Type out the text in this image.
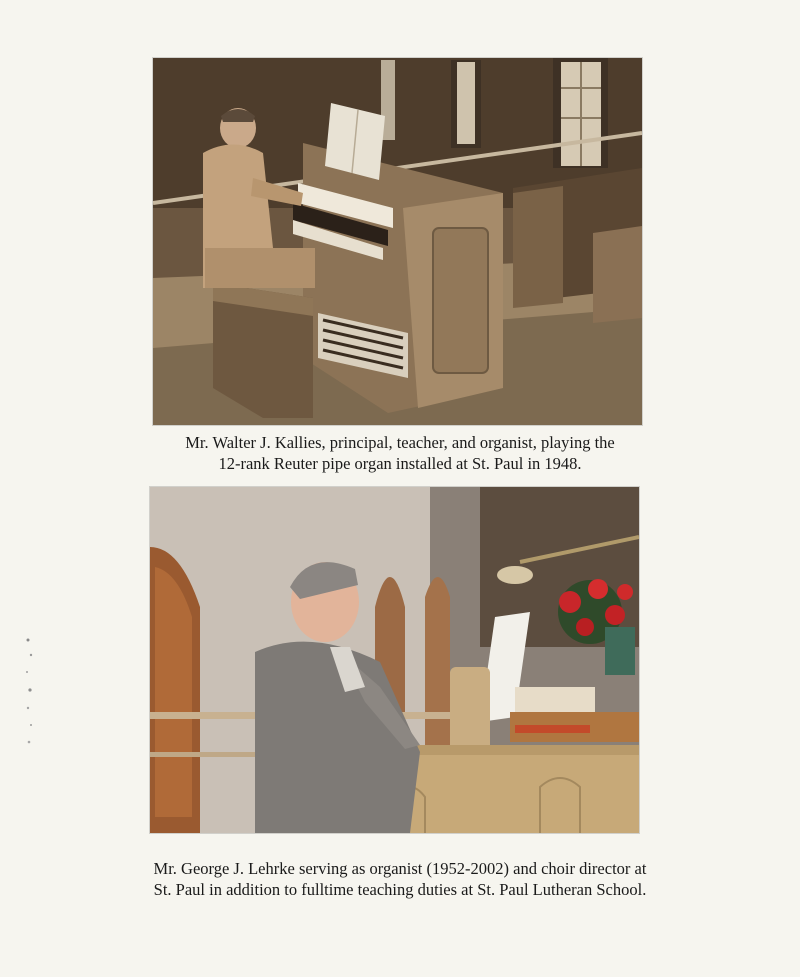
Mr. Walter J. Kallies, principal, teacher, and organist, playing the
12-rank Reuter pipe organ installed at St. Paul in 1948.
Mr. George J. Lehrke serving as organist (1952-2002) and choir director at
St. Paul in addition to fulltime teaching duties at St. Paul Lutheran School.
